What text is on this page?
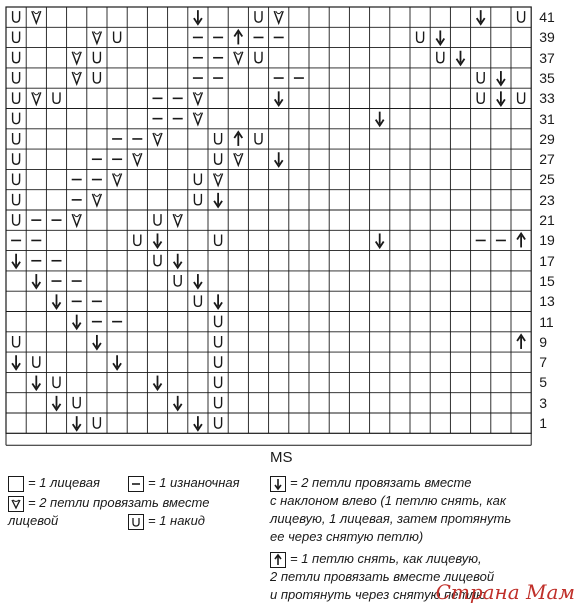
41
39
37
35
33
31
29
27
25
23
21
19
17
15
13
11
9
7
5
3
1
MS
= 1 лицевая	= 1 изнаночная
= 2 петли провязать вместе
лицевой	= 1 накид
= 2 петли провязать вместе
с наклоном влево (1 петлю снять, как
лицевую, 1 лицевая, затем протянуть
ее через снятую петлю)
= 1 петлю снять, как лицевую,
2 петли провязать вместе лицевой
и протянуть через снятую петлю
Страна Мам
